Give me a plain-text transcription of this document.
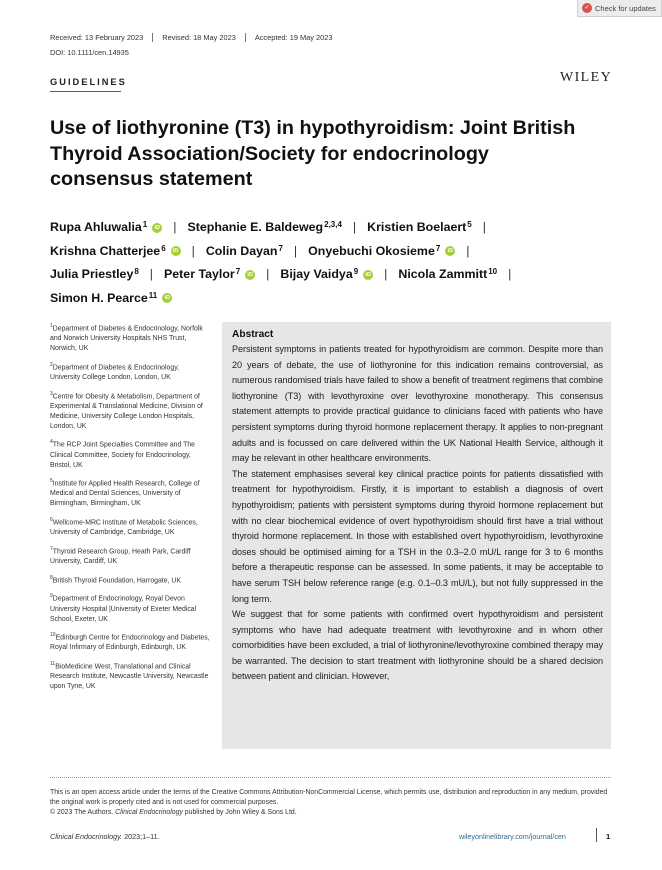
✓ Check for updates
Received: 13 February 2023	Revised: 18 May 2023	Accepted: 19 May 2023
DOI: 10.1111/cen.14935
GUIDELINES	WILEY
Use of liothyronine (T3) in hypothyroidism: Joint British Thyroid Association/Society for endocrinology consensus statement
Rupa Ahluwalia$^1$	iD | Stephanie E. Baldeweg$^{2,3,4}$ | Kristien Boelaert$^5$ |
Krishna Chatterjee$^6$	iD | Colin Dayan$^7$ | Onyebuchi Okosieme$^7$	iD |
Julia Priestley$^8$ | Peter Taylor$^7$	iD | Bijay Vaidya$^9$	iD | Nicola Zammitt$^{10}$ |
Simon H. Pearce$^{11}$	iD

$^1$Department of Diabetes & Endocrinology, Norfolk and Norwich University Hospitals NHS Trust, Norwich, UK

$^2$Department of Diabetes & Endocrinology, University College London, London, UK

$^3$Centre for Obesity & Metabolism, Department of Experimental & Translational Medicine, Division of Medicine, University College London Hospitals, London, UK

$^4$The RCP Joint Specialties Committee and The Clinical Committee, Society for Endocrinology, Bristol, UK

$^5$Institute for Applied Health Research, College of Medical and Dental Sciences, University of Birmingham, Birmingham, UK

$^6$Wellcome-MRC Institute of Metabolic Sciences, University of Cambridge, Cambridge, UK

$^7$Thyroid Research Group, Heath Park, Cardiff University, Cardiff, UK

$^8$British Thyroid Foundation, Harrogate, UK

$^9$Department of Endocrinology, Royal Devon University Hospital |University of Exeter Medical School, Exeter, UK

$^{10}$Edinburgh Centre for Endocrinology and Diabetes, Royal Infirmary of Edinburgh, Edinburgh, UK

$^{11}$BioMedicine West, Translational and Clinical Research Institute, Newcastle University, Newcastle upon Tyne, UK

Abstract

Persistent symptoms in patients treated for hypothyroidism are common. Despite more than 20 years of debate, the use of liothyronine for this indication remains controversial, as numerous randomised trials have failed to show a benefit of treatment regimens that combine liothyronine (T3) with levothyroxine over levothyroxine monotherapy. This consensus statement attempts to provide practical guidance to clinicians faced with patients who have persistent symptoms during thyroid hormone replacement therapy. It applies to non-pregnant adults and is focussed on care delivered within the UK National Health Service, although it may be relevant in other healthcare environments.

The statement emphasises several key clinical practice points for patients dissatisfied with treatment for hypothyroidism. Firstly, it is important to establish a diagnosis of overt hypothyroidism; patients with persistent symptoms during thyroid hormone replacement but with no clear biochemical evidence of overt hypothyroidism should first have a trial without thyroid hormone replacement. In those with established overt hypothyroidism, levothyroxine doses should be optimised aiming for a TSH in the 0.3–2.0 mU/L range for 3 to 6 months before a therapeutic response can be assessed. In some patients, it may be acceptable to have serum TSH below reference range (e.g. 0.1–0.3 mU/L), but not fully suppressed in the long term.

We suggest that for some patients with confirmed overt hypothyroidism and persistent symptoms who have had adequate treatment with levothyroxine and in whom other comorbidities have been excluded, a trial of liothyronine/levothyroxine combined therapy may be warranted. The decision to start treatment with liothyronine should be a shared decision between patient and clinician. However,

This is an open access article under the terms of the Creative Commons Attribution-NonCommercial License, which permits use, distribution and reproduction in any medium, provided the original work is properly cited and is not used for commercial purposes.
© 2023 The Authors. Clinical Endocrinology published by John Wiley & Sons Ltd.
Clinical Endocrinology. 2023;1–11.	wileyonlinelibrary.com/journal/cen	1
